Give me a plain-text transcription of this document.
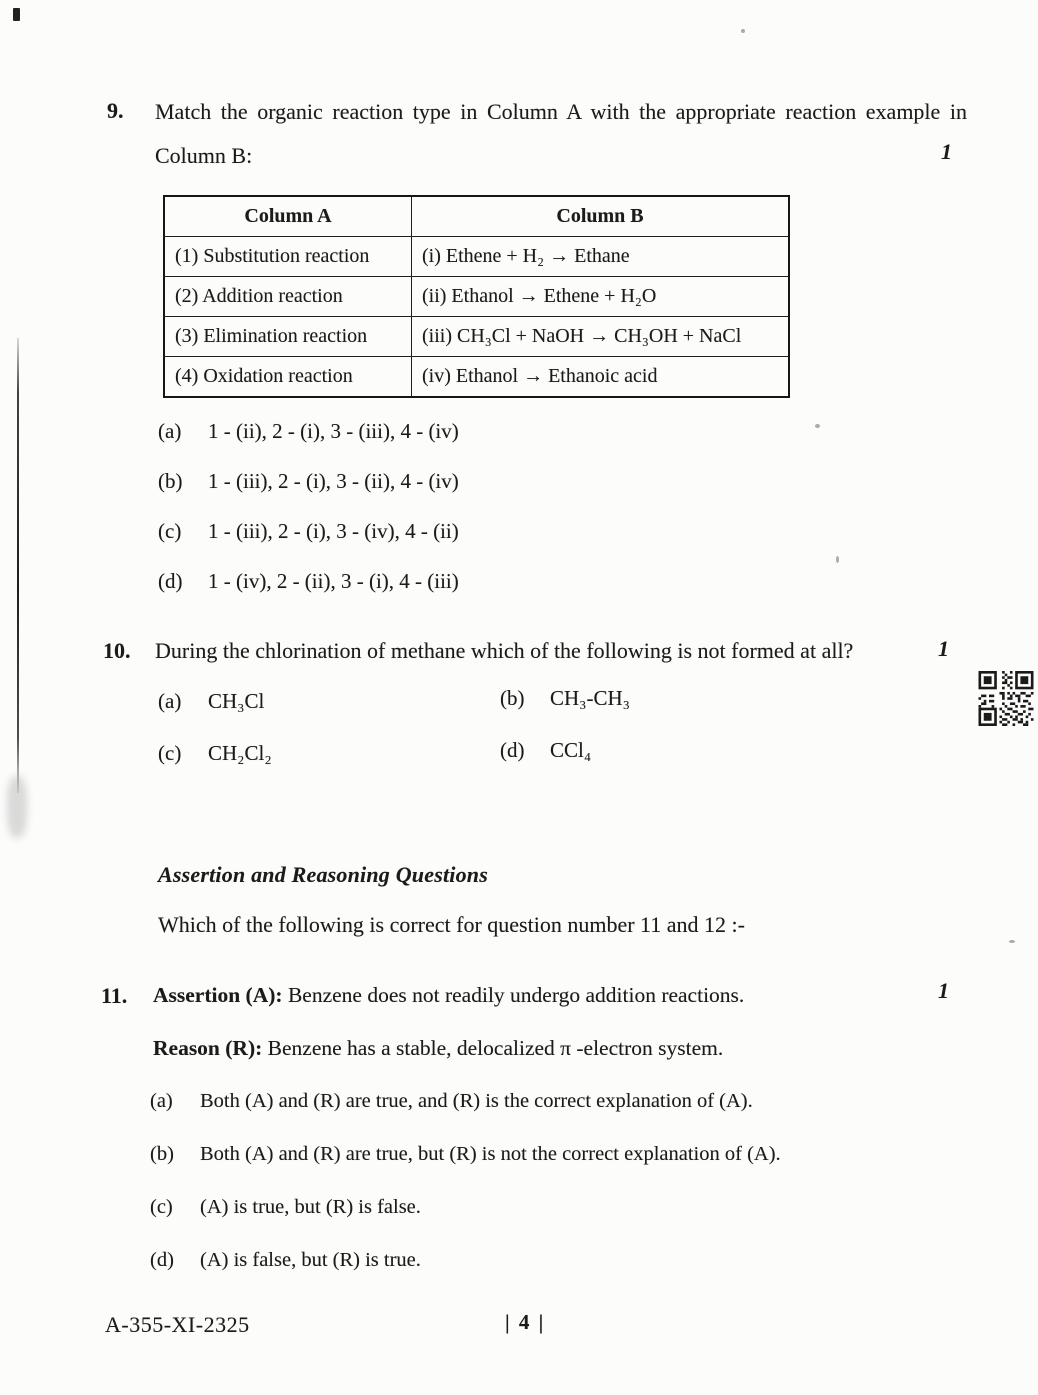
9. Match the organic reaction type in Column A with the appropriate reaction example in Column B:	1
Column A	Column B
(1) Substitution reaction	(i) Ethene + H₂ → Ethane
(2) Addition reaction	(ii) Ethanol → Ethene + H₂O
(3) Elimination reaction	(iii) CH₃Cl + NaOH → CH₃OH + NaCl
(4) Oxidation reaction	(iv) Ethanol → Ethanoic acid
(a)	1 - (ii), 2 - (i), 3 - (iii), 4 - (iv)
(b)	1 - (iii), 2 - (i), 3 - (ii), 4 - (iv)
(c)	1 - (iii), 2 - (i), 3 - (iv), 4 - (ii)
(d)	1 - (iv), 2 - (ii), 3 - (i), 4 - (iii)
10. During the chlorination of methane which of the following is not formed at all?	1
(a)	CH₃Cl	(b)	CH₃-CH₃
(c)	CH₂Cl₂	(d)	CCl₄
Assertion and Reasoning Questions
Which of the following is correct for question number 11 and 12 :-
11. Assertion (A): Benzene does not readily undergo addition reactions.	1
Reason (R): Benzene has a stable, delocalized π -electron system.
(a)	Both (A) and (R) are true, and (R) is the correct explanation of (A).
(b)	Both (A) and (R) are true, but (R) is not the correct explanation of (A).
(c)	(A) is true, but (R) is false.
(d)	(A) is false, but (R) is true.
A-355-XI-2325	| 4 |
